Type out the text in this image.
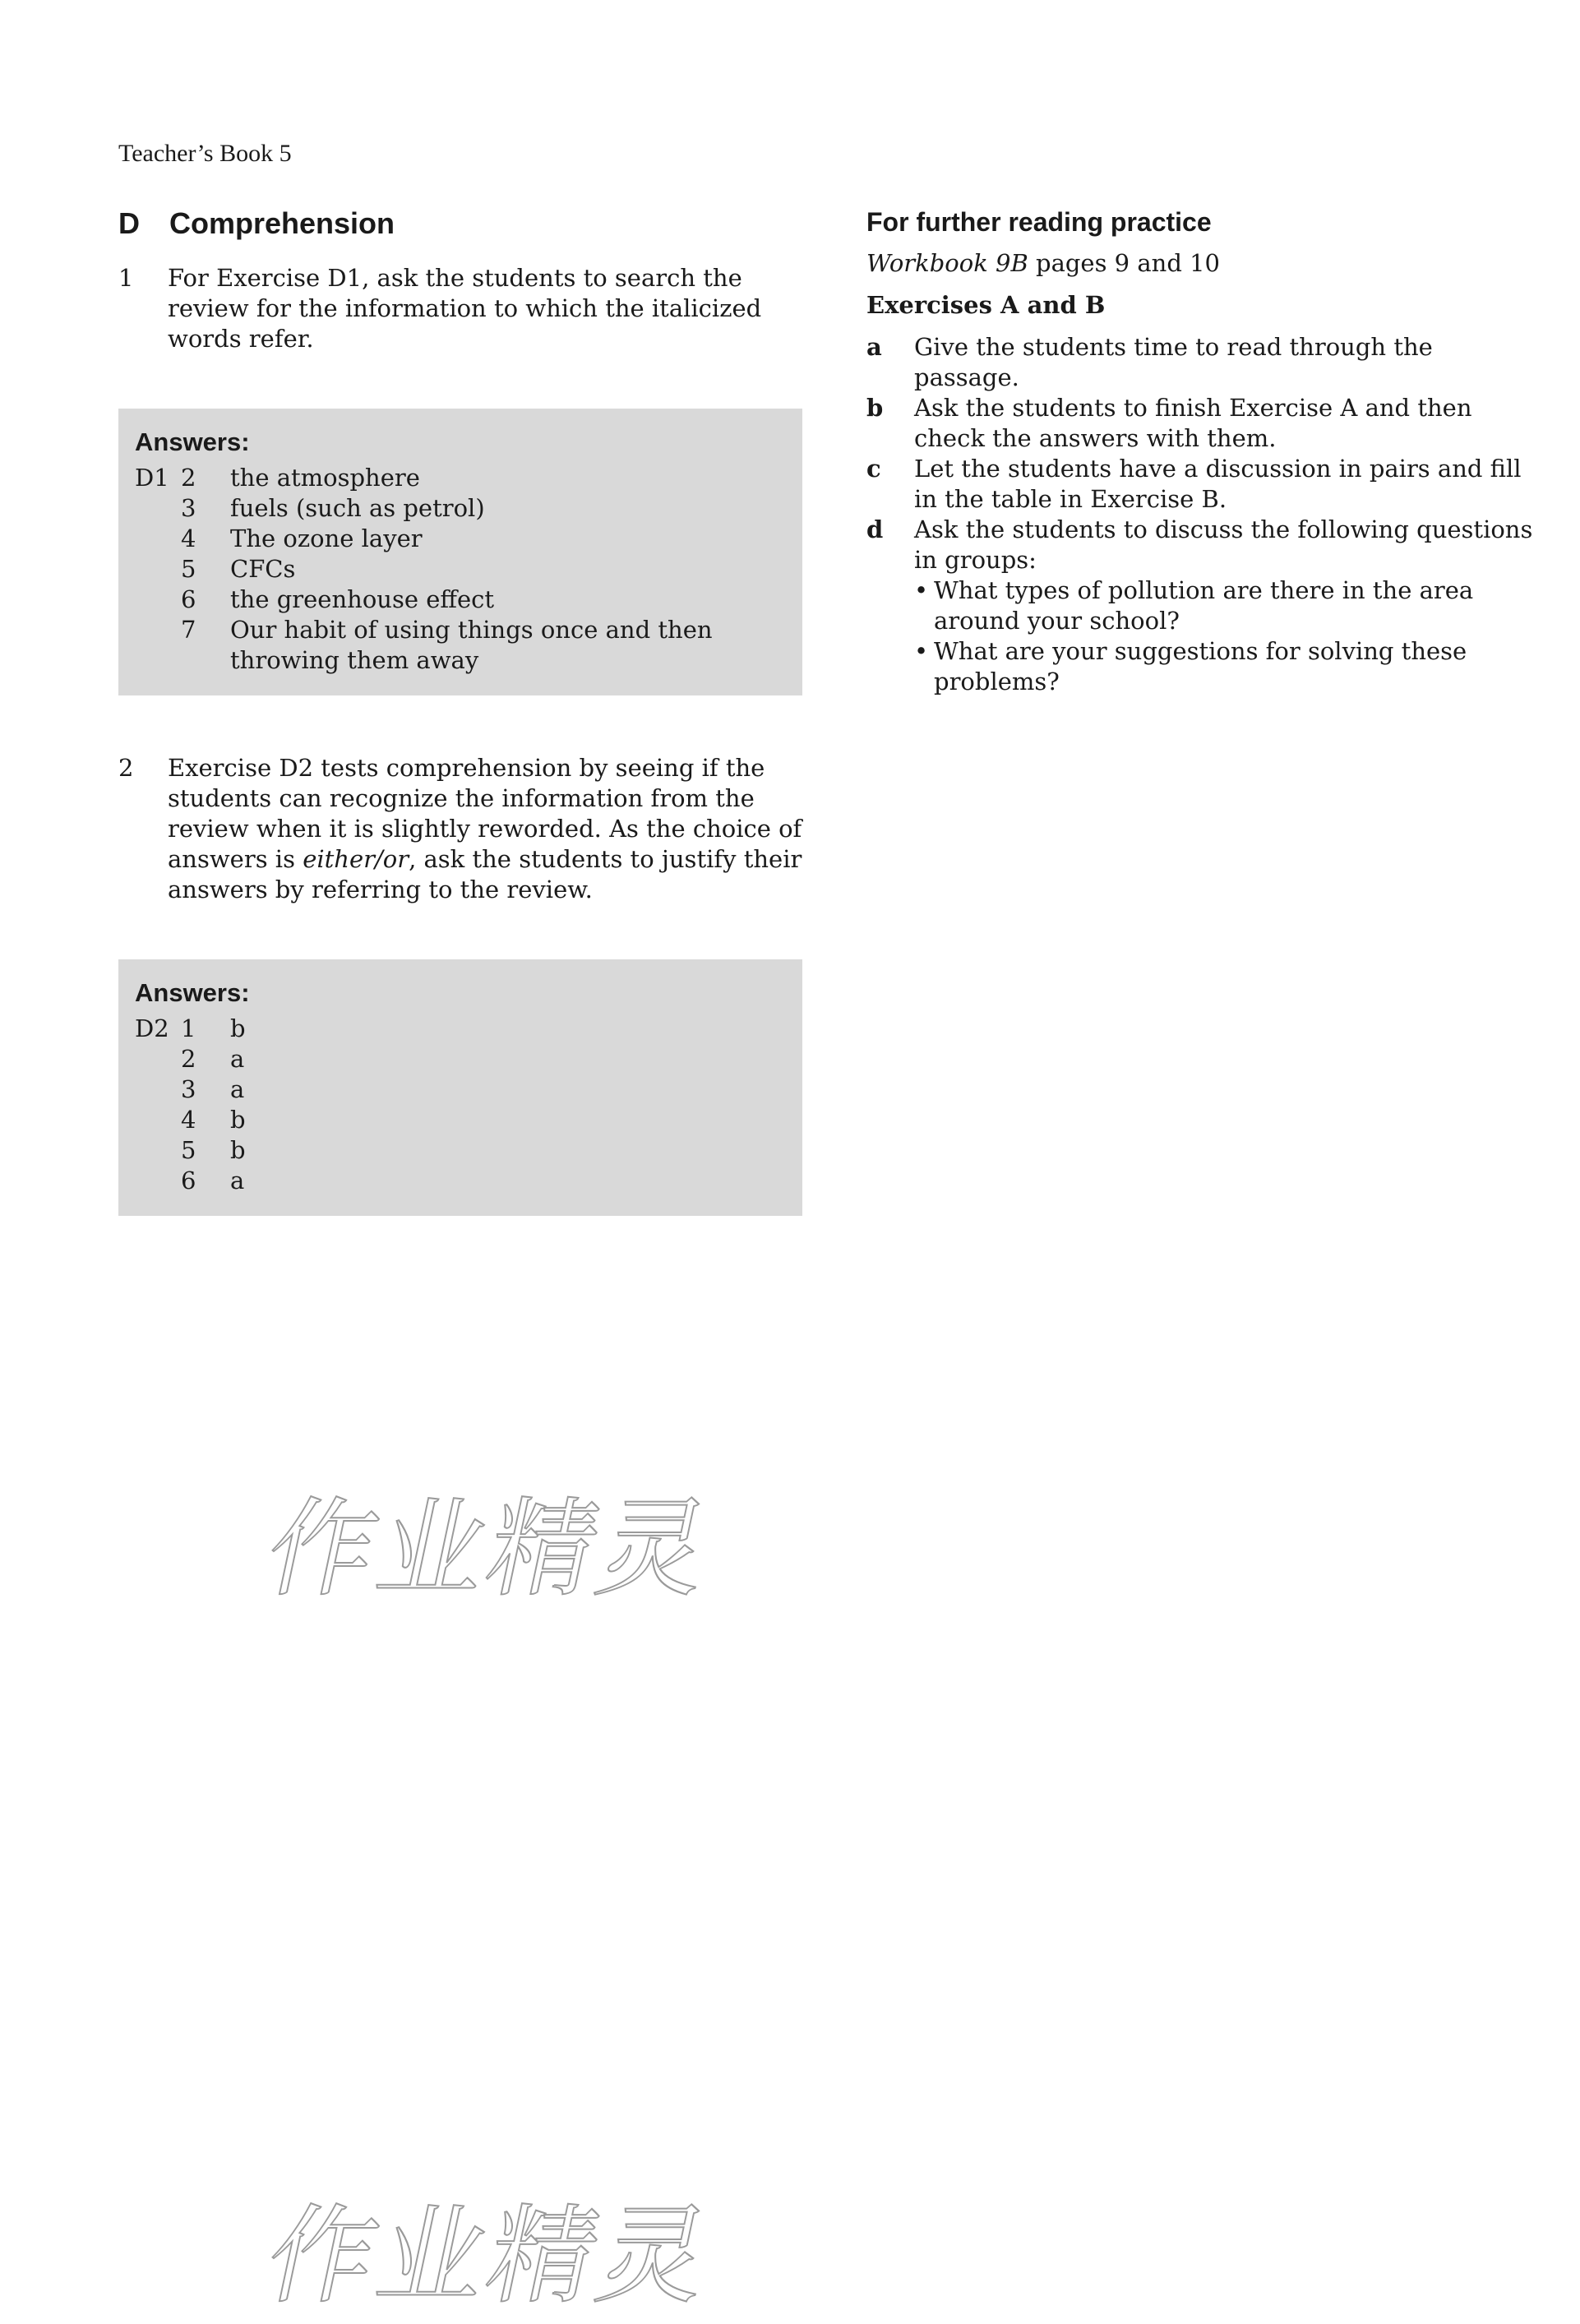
Teacher’s Book 5
D Comprehension
1	For Exercise D1, ask the students to search the review for the information to which the italicized words refer.
Answers:
D1 2	the atmosphere
3	fuels (such as petrol)
4	The ozone layer
5	CFCs
6	the greenhouse effect
7	Our habit of using things once and then throwing them away
2	Exercise D2 tests comprehension by seeing if the students can recognize the information from the review when it is slightly reworded. As the choice of answers is either/or, ask the students to justify their answers by referring to the review.
Answers:
D2 1	b
2	a
3	a
4	b
5	b
6	a
For further reading practice
Workbook 9B pages 9 and 10
Exercises A and B
a	Give the students time to read through the passage.
b	Ask the students to finish Exercise A and then check the answers with them.
c	Let the students have a discussion in pairs and fill in the table in Exercise B.
d	Ask the students to discuss the following questions in groups:
• What types of pollution are there in the area around your school?
• What are your suggestions for solving these problems?
作业精灵
作业精灵
